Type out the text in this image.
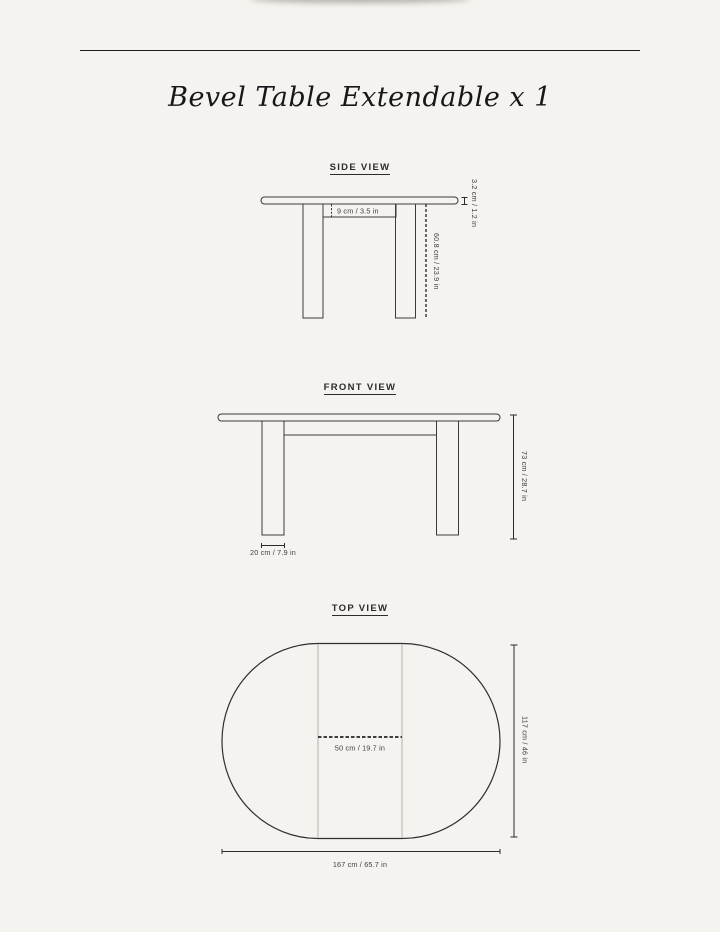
Bevel Table Extendable x 1
SIDE VIEW
FRONT VIEW
TOP VIEW
9 cm / 3.5 in	3.2 cm / 1.2 in
60.8 cm / 23.9 in
73 cm / 28.7 in
20 cm / 7.9 in
50 cm / 19.7 in	117 cm / 46 in
167 cm / 65.7 in
